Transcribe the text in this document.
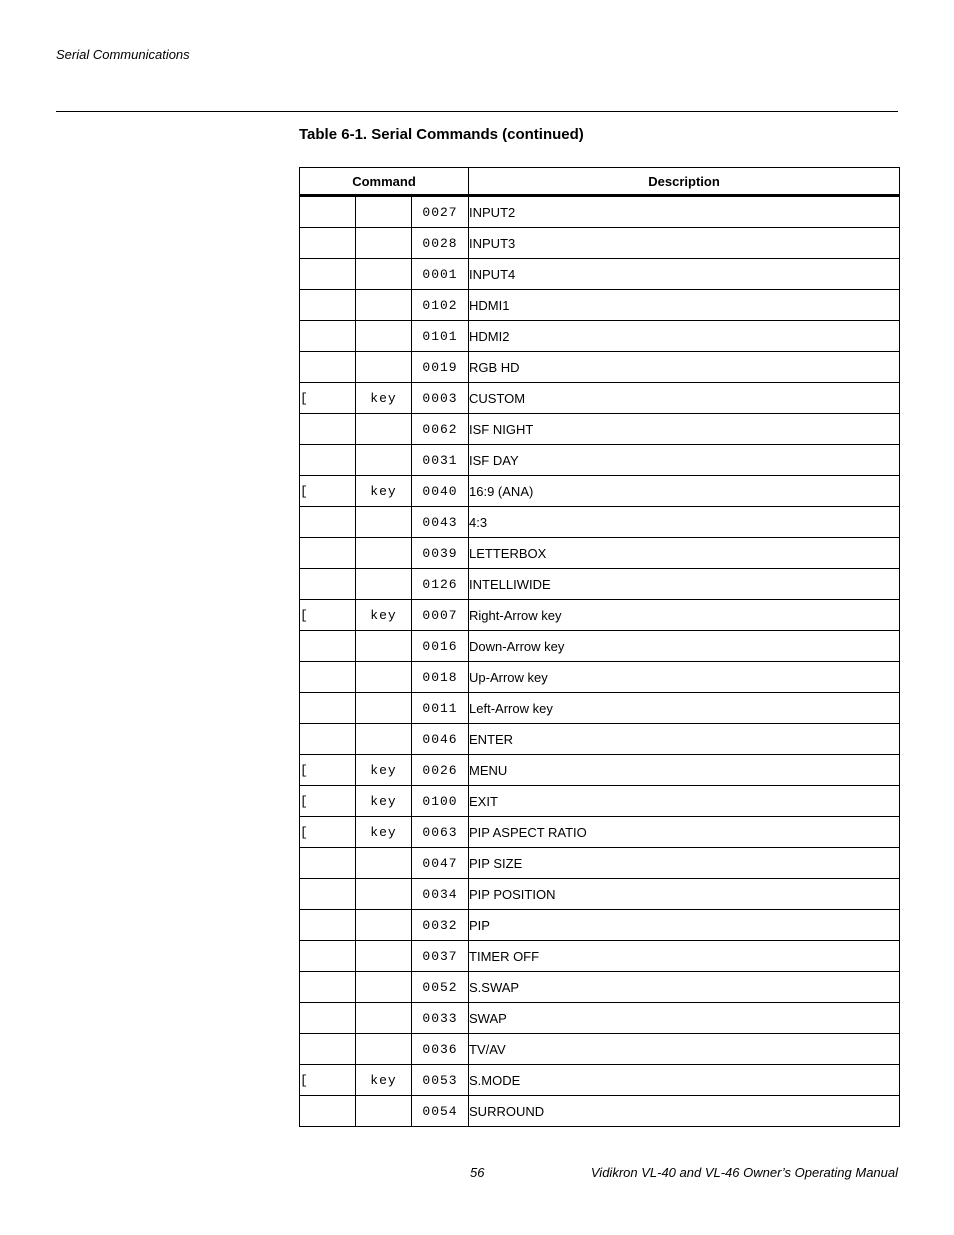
Serial Communications
Table 6-1. Serial Commands (continued)
Command			Description
		0027	INPUT2
		0028	INPUT3
		0001	INPUT4
		0102	HDMI1
		0101	HDMI2
		0019	RGB HD
[	key	0003	CUSTOM
		0062	ISF NIGHT
		0031	ISF DAY
[	key	0040	16:9 (ANA)
		0043	4:3
		0039	LETTERBOX
		0126	INTELLIWIDE
[	key	0007	Right-Arrow key
		0016	Down-Arrow key
		0018	Up-Arrow key
		0011	Left-Arrow key
		0046	ENTER
[	key	0026	MENU
[	key	0100	EXIT
[	key	0063	PIP ASPECT RATIO
		0047	PIP SIZE
		0034	PIP POSITION
		0032	PIP
		0037	TIMER OFF
		0052	S.SWAP
		0033	SWAP
		0036	TV/AV
[	key	0053	S.MODE
		0054	SURROUND
56	Vidikron VL-40 and VL-46 Owner’s Operating Manual
